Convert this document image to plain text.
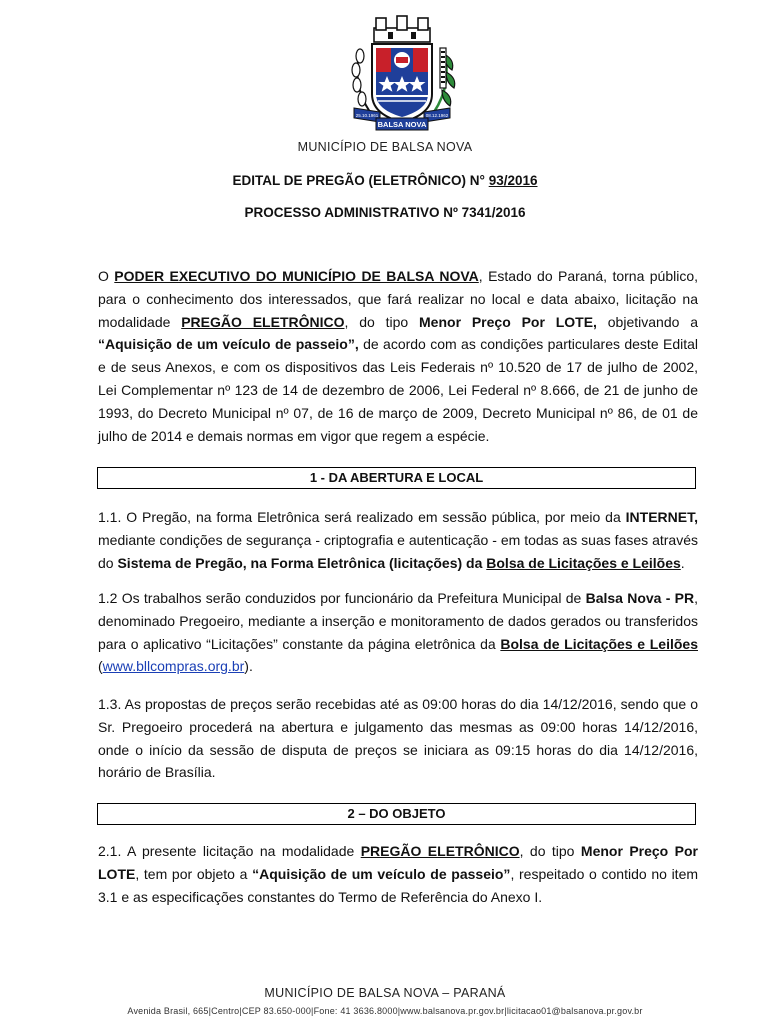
25.10.1961	08.12.1962
BALSA NOVA
MUNICÍPIO DE BALSA NOVA
EDITAL DE PREGÃO (ELETRÔNICO) N° 93/2016
PROCESSO ADMINISTRATIVO Nº 7341/2016
O PODER EXECUTIVO DO MUNICÍPIO DE BALSA NOVA, Estado do Paraná, torna público, para o conhecimento dos interessados, que fará realizar no local e data abaixo, licitação na modalidade PREGÃO ELETRÔNICO, do tipo Menor Preço Por LOTE, objetivando a “Aquisição de um veículo de passeio”, de acordo com as condições particulares deste Edital e de seus Anexos, e com os dispositivos das Leis Federais nº 10.520 de 17 de julho de 2002, Lei Complementar nº 123 de 14 de dezembro de 2006, Lei Federal nº 8.666, de 21 de junho de 1993, do Decreto Municipal nº 07, de 16 de março de 2009, Decreto Municipal nº 86, de 01 de julho de 2014 e demais normas em vigor que regem a espécie.
1 - DA ABERTURA E LOCAL
1.1. O Pregão, na forma Eletrônica será realizado em sessão pública, por meio da INTERNET, mediante condições de segurança - criptografia e autenticação - em todas as suas fases através do Sistema de Pregão, na Forma Eletrônica (licitações) da Bolsa de Licitações e Leilões.
1.2 Os trabalhos serão conduzidos por funcionário da Prefeitura Municipal de Balsa Nova - PR, denominado Pregoeiro, mediante a inserção e monitoramento de dados gerados ou transferidos para o aplicativo “Licitações” constante da página eletrônica da Bolsa de Licitações e Leilões (www.bllcompras.org.br).
1.3. As propostas de preços serão recebidas até as 09:00 horas do dia 14/12/2016, sendo que o Sr. Pregoeiro procederá na abertura e julgamento das mesmas as 09:00 horas 14/12/2016, onde o início da sessão de disputa de preços se iniciara as 09:15 horas do dia 14/12/2016, horário de Brasília.
2 – DO OBJETO
2.1. A presente licitação na modalidade PREGÃO ELETRÔNICO, do tipo Menor Preço Por LOTE, tem por objeto a “Aquisição de um veículo de passeio”, respeitado o contido no item 3.1 e as especificações constantes do Termo de Referência do Anexo I.
MUNICÍPIO DE BALSA NOVA – PARANÁ
Avenida Brasil, 665|Centro|CEP 83.650-000|Fone: 41 3636.8000|www.balsanova.pr.gov.br|licitacao01@balsanova.pr.gov.br
